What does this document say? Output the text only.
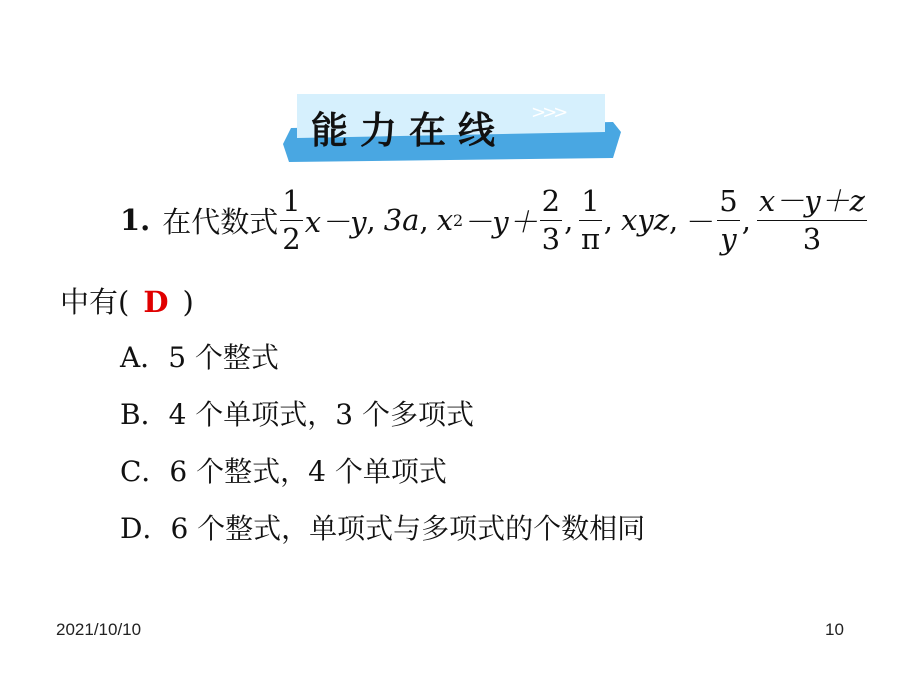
能力在线 >>>
1. 在代数式 $\frac{1}{2} x-y$ , 3a , x $2 -y+ \frac{2}{3}$ , $\frac{1}{\pi}$ , xyz , － $\frac{5}{y}$ , $\frac{x-y+z}{3}$
中有( D )
A．5 个整式
B．4 个单项式，3 个多项式
C．6 个整式，4 个单项式
D．6 个整式，单项式与多项式的个数相同
2021/10/10	10
